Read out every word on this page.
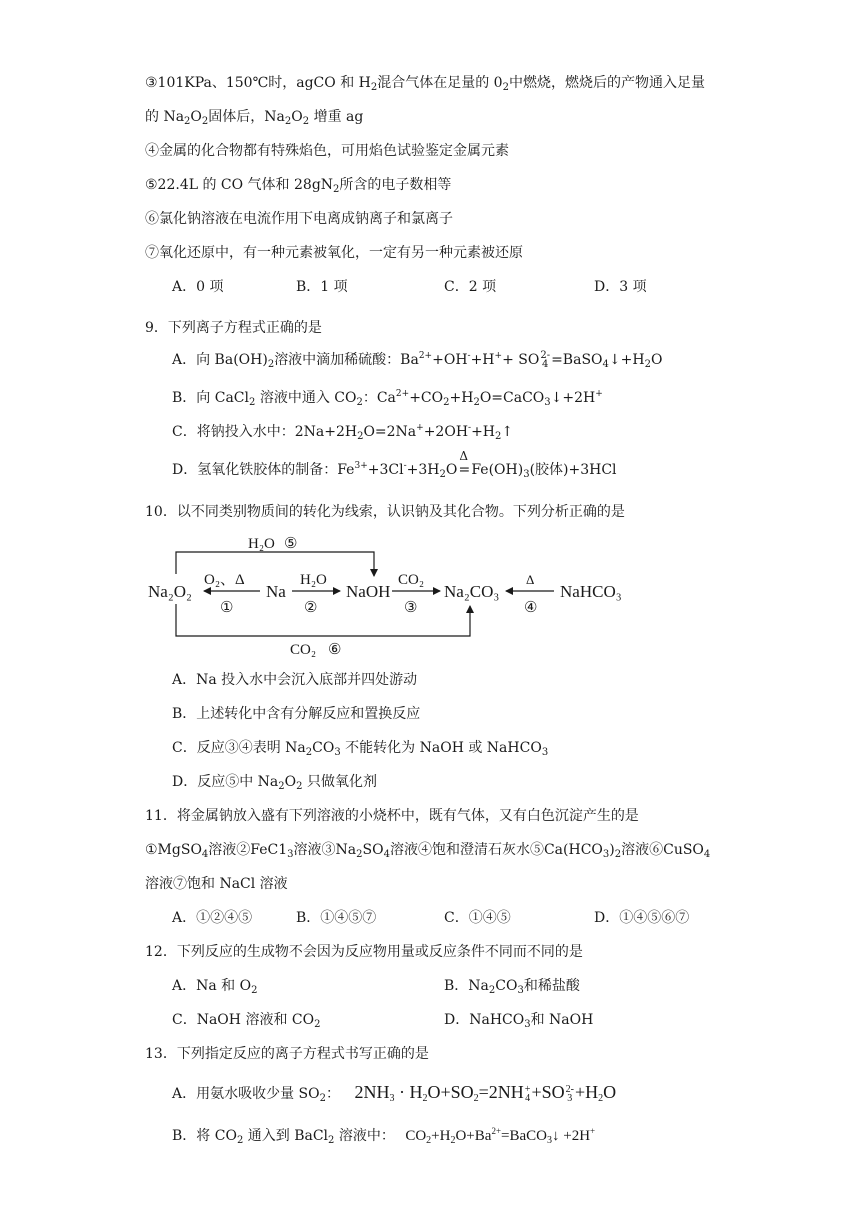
③101KPa、150℃时，agCO 和 $H_2$混合气体在足量的 $0_2$中燃烧，燃烧后的产物通入足量
的 $Na_2O_2$固体后，$Na_2O_2$ 增重 ag
④金属的化合物都有特殊焰色，可用焰色试验鉴定金属元素
⑤22.4L 的 CO 气体和 $28gN_2$所含的电子数相等
⑥氯化钠溶液在电流作用下电离成钠离子和氯离子
⑦氧化还原中，有一种元素被氧化，一定有另一种元素被还原
A．0 项	B．1 项	C．2 项	D．3 项
9．下列离子方程式正确的是
A．向 $Ba(OH)_2$溶液中滴加稀硫酸：$Ba^{2+}+OH^-+H^++$ SO 2-
$4 =BaSO_4↓+H_2O$
B．向 CaCl$_2$ 溶液中通入 $CO_2$：$Ca^{2+}+CO_2+H_2O=CaCO_3↓+2H^+$
C．将钠投入水中：$2Na+2H_2O=2Na^++2OH^-+H_2↑$
D．氢氧化铁胶体的制备：$Fe^{3+}+3Cl^-+3H_2O$
Δ
$=Fe(OH)_3$(胶体)+3HCl
10．以不同类别物质间的转化为线索，认识钠及其化合物。下列分析正确的是
Na₂O₂	Na	NaOH	Na₂CO₃	NaHCO₃
O₂、Δ
①
H₂O
②
CO₂
③
Δ
④
H₂O ⑤
CO₂ ⑥
A．Na 投入水中会沉入底部并四处游动
B．上述转化中含有分解反应和置换反应
C．反应③④表明 $Na_2CO_3$ 不能转化为 NaOH 或 NaHCO$_3$
D．反应⑤中 $Na_2O_2$ 只做氧化剂
11．将金属钠放入盛有下列溶液的小烧杯中，既有气体，又有白色沉淀产生的是
①MgSO$_4$溶液$②FeC1_3$溶液$③Na_2SO_4$溶液④饱和澄清石灰水$⑤Ca(HCO_3)_2$溶液⑥CuSO$_4$
溶液⑦饱和 NaCl 溶液
A．①②④⑤	B．①④⑤⑦	C．①④⑤	D．①④⑤⑥⑦
12．下列反应的生成物不会因为反应物用量或反应条件不同而不同的是
A．Na 和 $O_2$	B．$Na_2CO_3$和稀盐酸
C．NaOH 溶液和 $CO_2$	D．NaHCO$_3$和 NaOH
13．下列指定反应的离子方程式书写正确的是
A．用氨水吸收少量 $SO_2$： $2NH_3 \cdot H_2O+SO_2=2NH$ +
4 +SO 2-
$3 +H_2O$
B．将 $CO_2$ 通入到 BaCl$_2$ 溶液中： $CO_2+H_2O+Ba^{2+}=BaCO_3↓ +2H^+$
